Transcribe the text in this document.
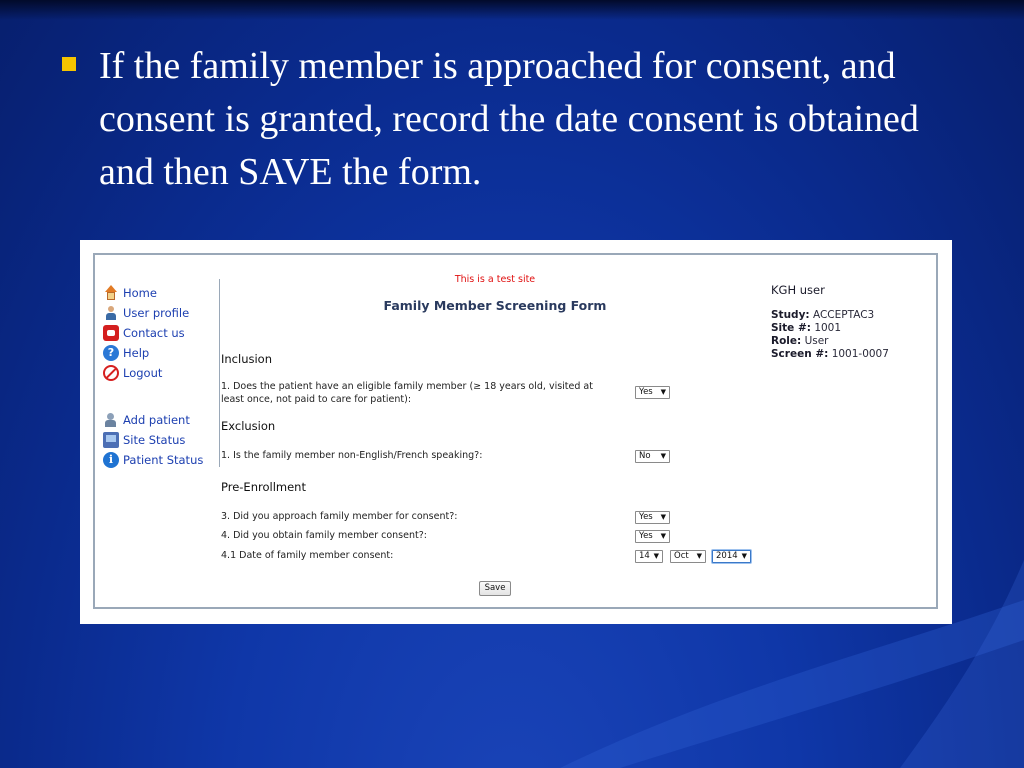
If the family member is approached for consent, and consent is granted, record the date consent is obtained and then SAVE the form.
Home
User profile
Contact us
? Help
Logout
Add patient
Site Status
i Patient Status
This is a test site
Family Member Screening Form
KGH user
Study: ACCEPTAC3
Site #: 1001
Role: User
Screen #: 1001-0007
Inclusion
1. Does the patient have an eligible family member (≥ 18 years old, visited at least once, not paid to care for patient):
Yes ▼
Exclusion
1. Is the family member non-English/French speaking?:	No ▼
Pre-Enrollment
3. Did you approach family member for consent?:	Yes ▼
4. Did you obtain family member consent?:	Yes ▼
4.1 Date of family member consent:	14 ▼	Oct ▼	2014 ▼
Save
